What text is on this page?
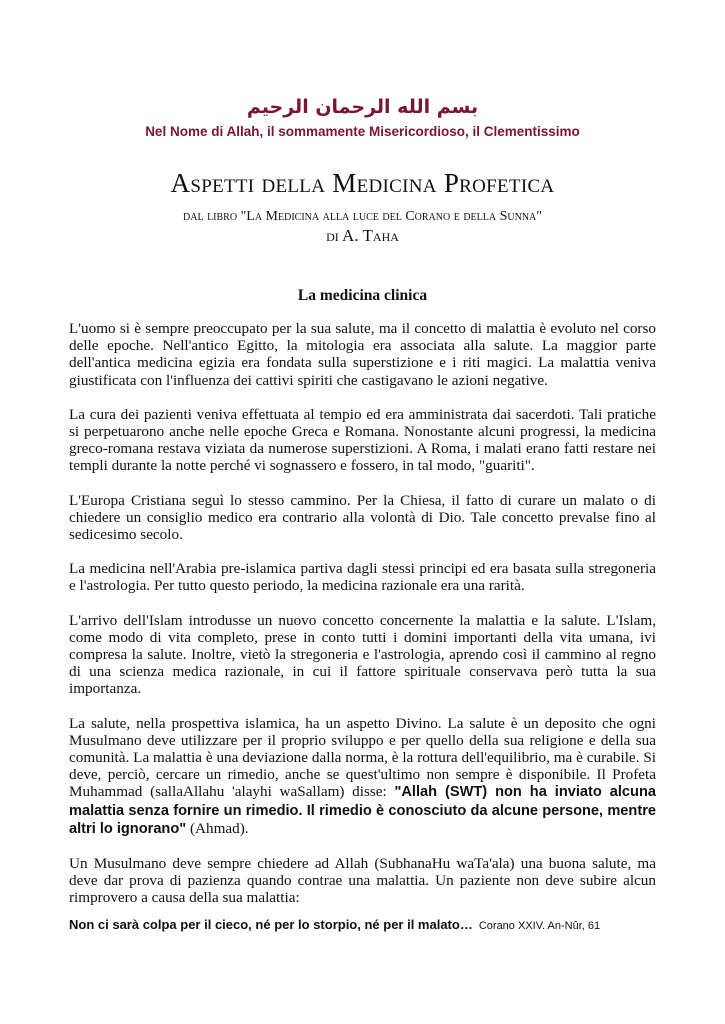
بسم الله الرحمان الرحيم
Nel Nome di Allah, il sommamente Misericordioso, il Clementissimo
Aspetti della Medicina Profetica
dal libro "La Medicina alla luce del Corano e della Sunna"
di A. Taha
La medicina clinica

L'uomo si è sempre preoccupato per la sua salute, ma il concetto di malattia è evoluto nel corso delle epoche. Nell'antico Egitto, la mitologia era associata alla salute. La maggior parte dell'antica medicina egizia era fondata sulla superstizione e i riti magici. La malattia veniva giustificata con l'influenza dei cattivi spiriti che castigavano le azioni negative.

La cura dei pazienti veniva effettuata al tempio ed era amministrata dai sacerdoti. Tali pratiche si perpetuarono anche nelle epoche Greca e Romana. Nonostante alcuni progressi, la medicina greco-romana restava viziata da numerose superstizioni. A Roma, i malati erano fatti restare nei templi durante la notte perché vi sognassero e fossero, in tal modo, "guariti".

L'Europa Cristiana seguì lo stesso cammino. Per la Chiesa, il fatto di curare un malato o di chiedere un consiglio medico era contrario alla volontà di Dio. Tale concetto prevalse fino al sedicesimo secolo.

La medicina nell'Arabia pre-islamica partiva dagli stessi principi ed era basata sulla stregoneria e l'astrologia. Per tutto questo periodo, la medicina razionale era una rarità.

L'arrivo dell'Islam introdusse un nuovo concetto concernente la malattia e la salute. L'Islam, come modo di vita completo, prese in conto tutti i domini importanti della vita umana, ivi compresa la salute. Inoltre, vietò la stregoneria e l'astrologia, aprendo così il cammino al regno di una scienza medica razionale, in cui il fattore spirituale conservava però tutta la sua importanza.

La salute, nella prospettiva islamica, ha un aspetto Divino. La salute è un deposito che ogni Musulmano deve utilizzare per il proprio sviluppo e per quello della sua religione e della sua comunità. La malattia è una deviazione dalla norma, è la rottura dell'equilibrio, ma è curabile. Si deve, perciò, cercare un rimedio, anche se quest'ultimo non sempre è disponibile. Il Profeta Muhammad (sallaAllahu 'alayhi waSallam) disse: "Allah (SWT) non ha inviato alcuna malattia senza fornire un rimedio. Il rimedio è conosciuto da alcune persone, mentre altri lo ignorano" (Ahmad).

Un Musulmano deve sempre chiedere ad Allah (SubhanaHu waTa'ala) una buona salute, ma deve dar prova di pazienza quando contrae una malattia. Un paziente non deve subire alcun rimprovero a causa della sua malattia:

Non ci sarà colpa per il cieco, né per lo storpio, né per il malato… Corano XXIV. An-Nûr, 61
